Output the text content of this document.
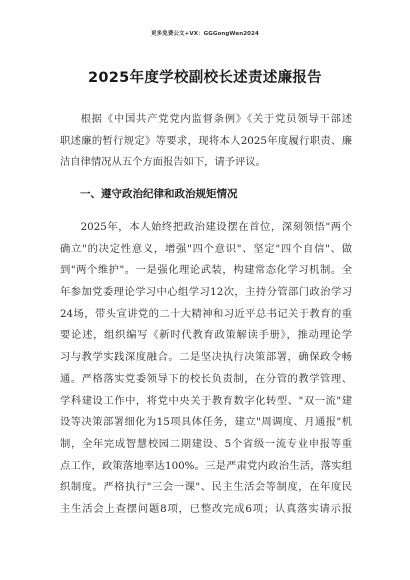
更多免费公文+VX：GGGongWen2024
2025年度学校副校长述责述廉报告
根据《中国共产党党内监督条例》《关于党员领导干部述
职述廉的暂行规定》等要求，现将本人2025年度履行职责、廉
洁自律情况从五个方面报告如下，请予评议。
一、遵守政治纪律和政治规矩情况
2025年，本人始终把政治建设摆在首位，深刻领悟"两个
确立"的决定性意义，增强"四个意识"、坚定"四个自信"、做
到"两个维护"。一是强化理论武装，构建常态化学习机制。全
年参加党委理论学习中心组学习12次，主持分管部门政治学习
24场，带头宣讲党的二十大精神和习近平总书记关于教育的重
要论述，组织编写《新时代教育政策解读手册》，推动理论学
习与教学实践深度融合。二是坚决执行决策部署，确保政令畅
通。严格落实党委领导下的校长负责制，在分管的教学管理、
学科建设工作中，将党中央关于教育数字化转型、"双一流"建
设等决策部署细化为15项具体任务，建立"周调度、月通报"机
制，全年完成智慧校园二期建设、5个省级一流专业申报等重
点工作，政策落地率达100%。三是严肃党内政治生活，落实组
织制度。严格执行"三会一课"、民主生活会等制度，在年度民
主生活会上查摆问题8项，已整改完成6项；认真落实请示报
